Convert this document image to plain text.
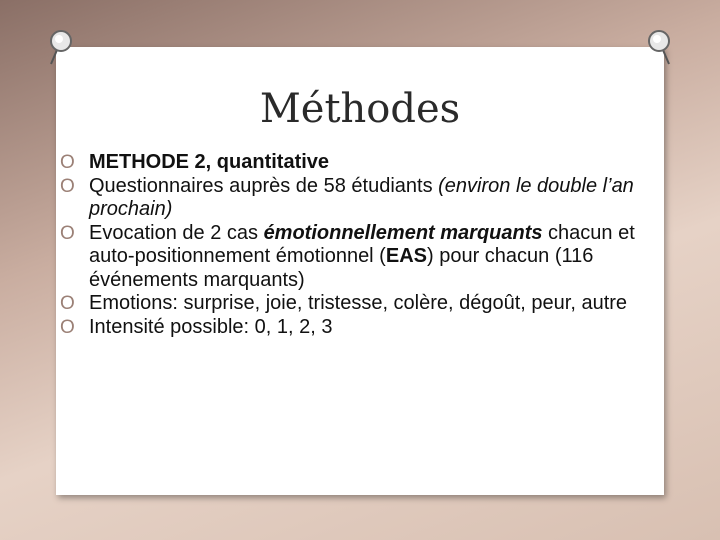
Méthodes
O METHODE 2, quantitative
O Questionnaires auprès de 58 étudiants (environ le double l’an prochain)
O Evocation de 2 cas émotionnellement marquants chacun et auto-positionnement émotionnel (EAS) pour chacun (116 événements marquants)
O Emotions: surprise, joie, tristesse, colère, dégoût, peur, autre
O Intensité possible: 0, 1, 2, 3
